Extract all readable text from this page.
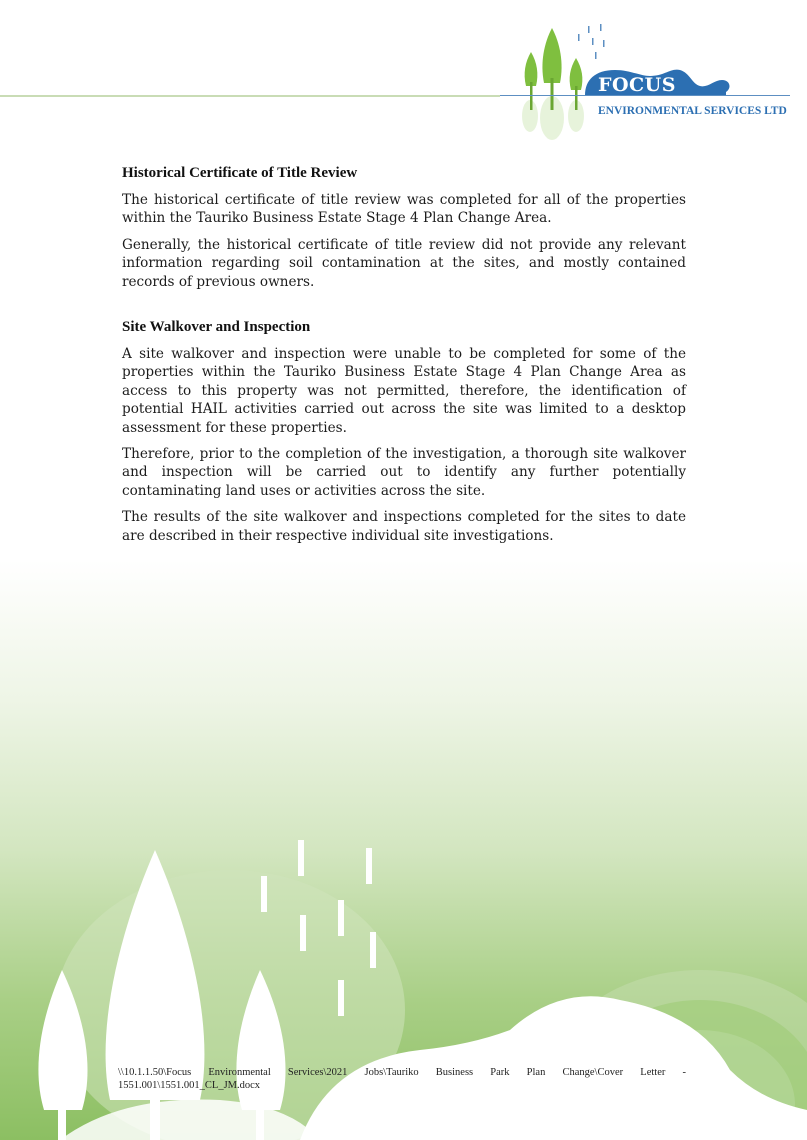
FOCUS
ENVIRONMENTAL SERVICES LTD
Historical Certificate of Title Review

The historical certificate of title review was completed for all of the properties within the Tauriko Business Estate Stage 4 Plan Change Area.

Generally, the historical certificate of title review did not provide any relevant information regarding soil contamination at the sites, and mostly contained records of previous owners.

Site Walkover and Inspection

A site walkover and inspection were unable to be completed for some of the properties within the Tauriko Business Estate Stage 4 Plan Change Area as access to this property was not permitted, therefore, the identification of potential HAIL activities carried out across the site was limited to a desktop assessment for these properties.

Therefore, prior to the completion of the investigation, a thorough site walkover and inspection will be carried out to identify any further potentially contaminating land uses or activities across the site.

The results of the site walkover and inspections completed for the sites to date are described in their respective individual site investigations.

\\10.1.1.50\Focus Environmental Services\2021 Jobs\Tauriko Business Park Plan Change\Cover Letter - 1551.001\1551.001_CL_JM.docx
